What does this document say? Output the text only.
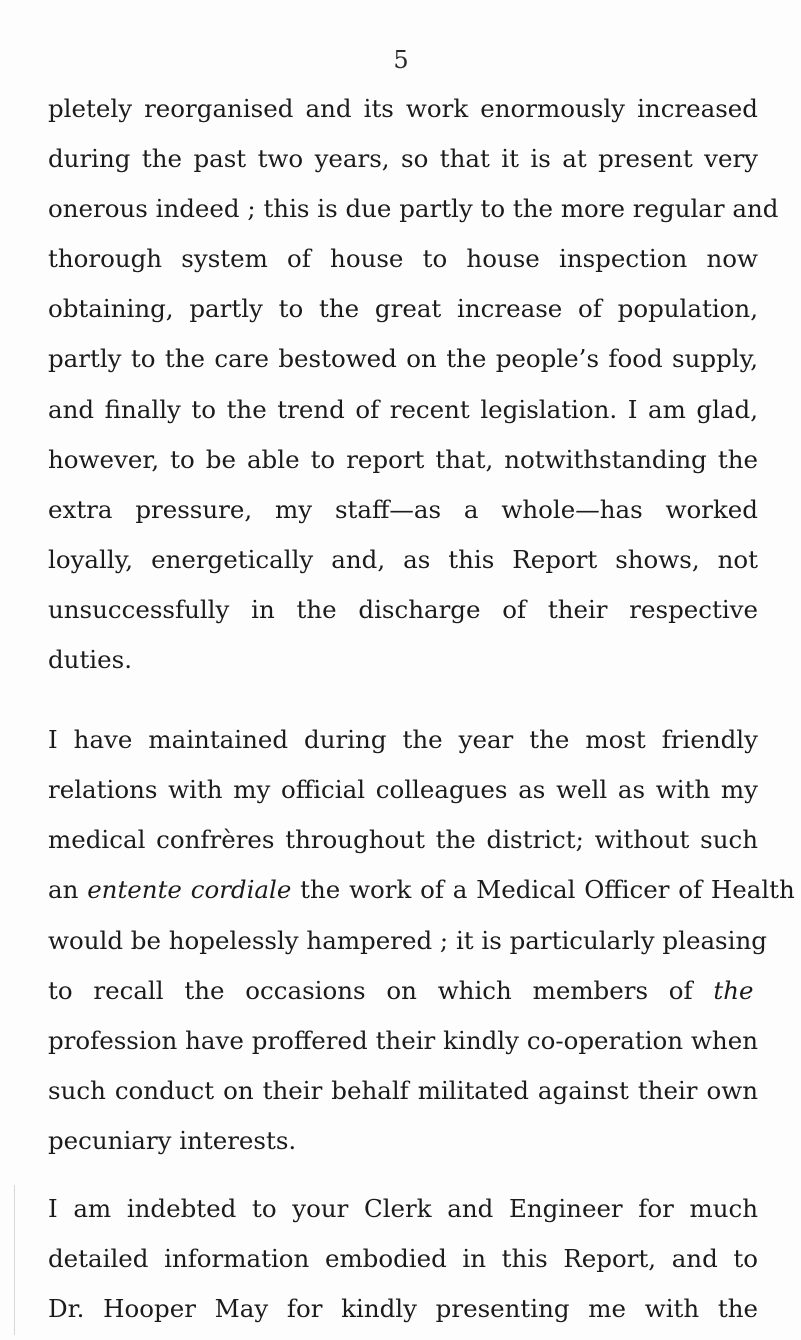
5
pletely reorganised and its work enormously increased
during the past two years, so that it is at present very
onerous indeed ; this is due partly to the more regular and
thorough system of house to house inspection now
obtaining, partly to the great increase of population,
partly to the care bestowed on the people’s food supply,
and finally to the trend of recent legislation. I am glad,
however, to be able to report that, notwithstanding the
extra pressure, my staff—as a whole—has worked
loyally, energetically and, as this Report shows, not
unsuccessfully in the discharge of their respective
duties.
I have maintained during the year the most friendly
relations with my official colleagues as well as with my
medical confrères throughout the district; without such
an entente cordiale the work of a Medical Officer of Health
would be hopelessly hampered ; it is particularly pleasing
to recall the occasions on which members of the
profession have proffered their kindly co-operation when
such conduct on their behalf militated against their own
pecuniary interests.
I am indebted to your Clerk and Engineer for much
detailed information embodied in this Report, and to
Dr. Hooper May for kindly presenting me with the
